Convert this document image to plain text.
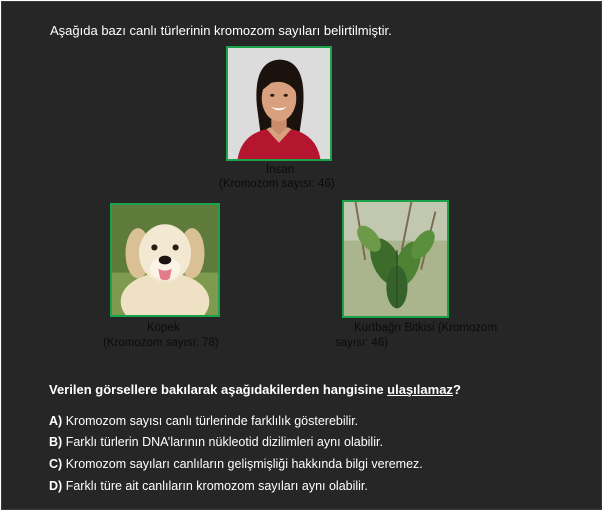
Aşağıda bazı canlı türlerinin kromozom sayıları belirtilmiştir.
İnsan
(Kromozom sayısı: 46)
Köpek
(Kromozom sayısı: 78)
Kurtbağrı Bitkisi (Kromozom
sayısı: 46)
Verilen görsellere bakılarak aşağıdakilerden hangisine ulaşılamaz?
A) Kromozom sayısı canlı türlerinde farklılık gösterebilir.
B) Farklı türlerin DNA’larının nükleotid dizilimleri aynı olabilir.
C) Kromozom sayıları canlıların gelişmişliği hakkında bilgi veremez.
D) Farklı türe ait canlıların kromozom sayıları aynı olabilir.
